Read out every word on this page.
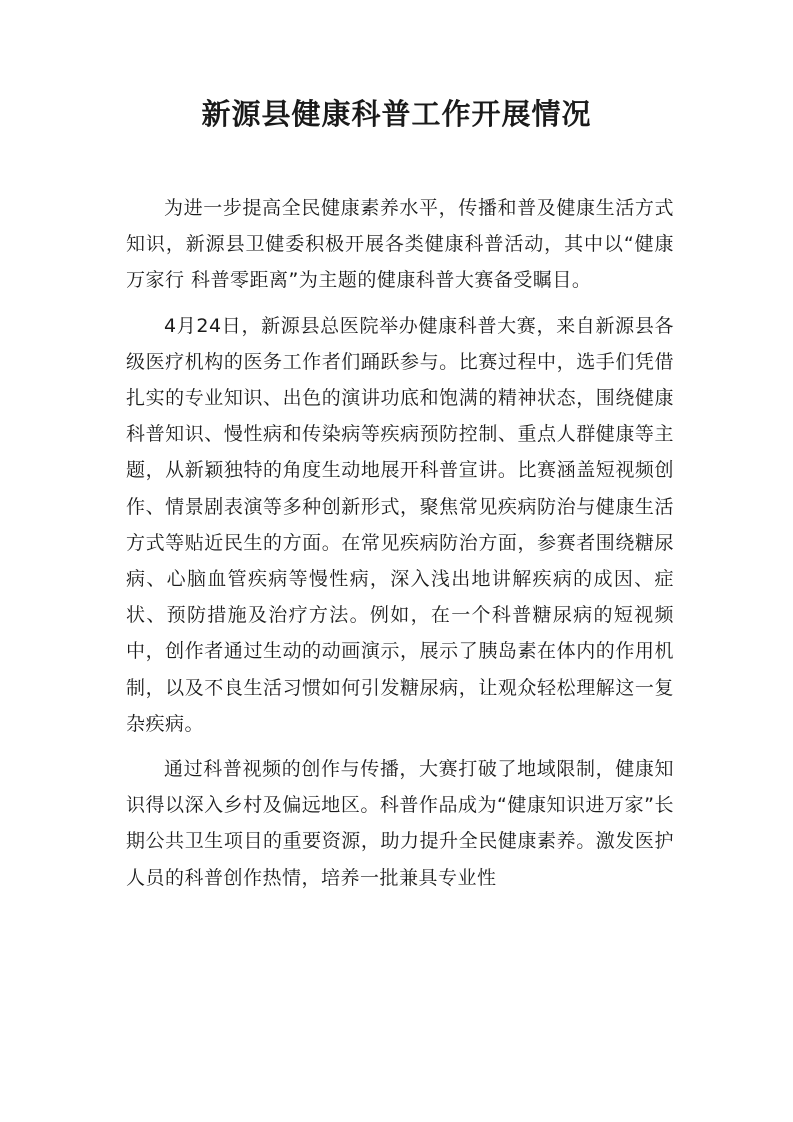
新源县健康科普工作开展情况

为进一步提高全民健康素养水平，传播和普及健康生活方式知识，新源县卫健委积极开展各类健康科普活动，其中以“健康万家行 科普零距离”为主题的健康科普大赛备受瞩目。

4月24日，新源县总医院举办健康科普大赛，来自新源县各级医疗机构的医务工作者们踊跃参与。比赛过程中，选手们凭借扎实的专业知识、出色的演讲功底和饱满的精神状态，围绕健康科普知识、慢性病和传染病等疾病预防控制、重点人群健康等主题，从新颖独特的角度生动地展开科普宣讲。比赛涵盖短视频创作、情景剧表演等多种创新形式，聚焦常见疾病防治与健康生活方式等贴近民生的方面。在常见疾病防治方面，参赛者围绕糖尿病、心脑血管疾病等慢性病，深入浅出地讲解疾病的成因、症状、预防措施及治疗方法。例如，在一个科普糖尿病的短视频中，创作者通过生动的动画演示，展示了胰岛素在体内的作用机制，以及不良生活习惯如何引发糖尿病，让观众轻松理解这一复杂疾病。

通过科普视频的创作与传播，大赛打破了地域限制，健康知识得以深入乡村及偏远地区。科普作品成为“健康知识进万家”长期公共卫生项目的重要资源，助力提升全民健康素养。激发医护人员的科普创作热情，培养一批兼具专业性
